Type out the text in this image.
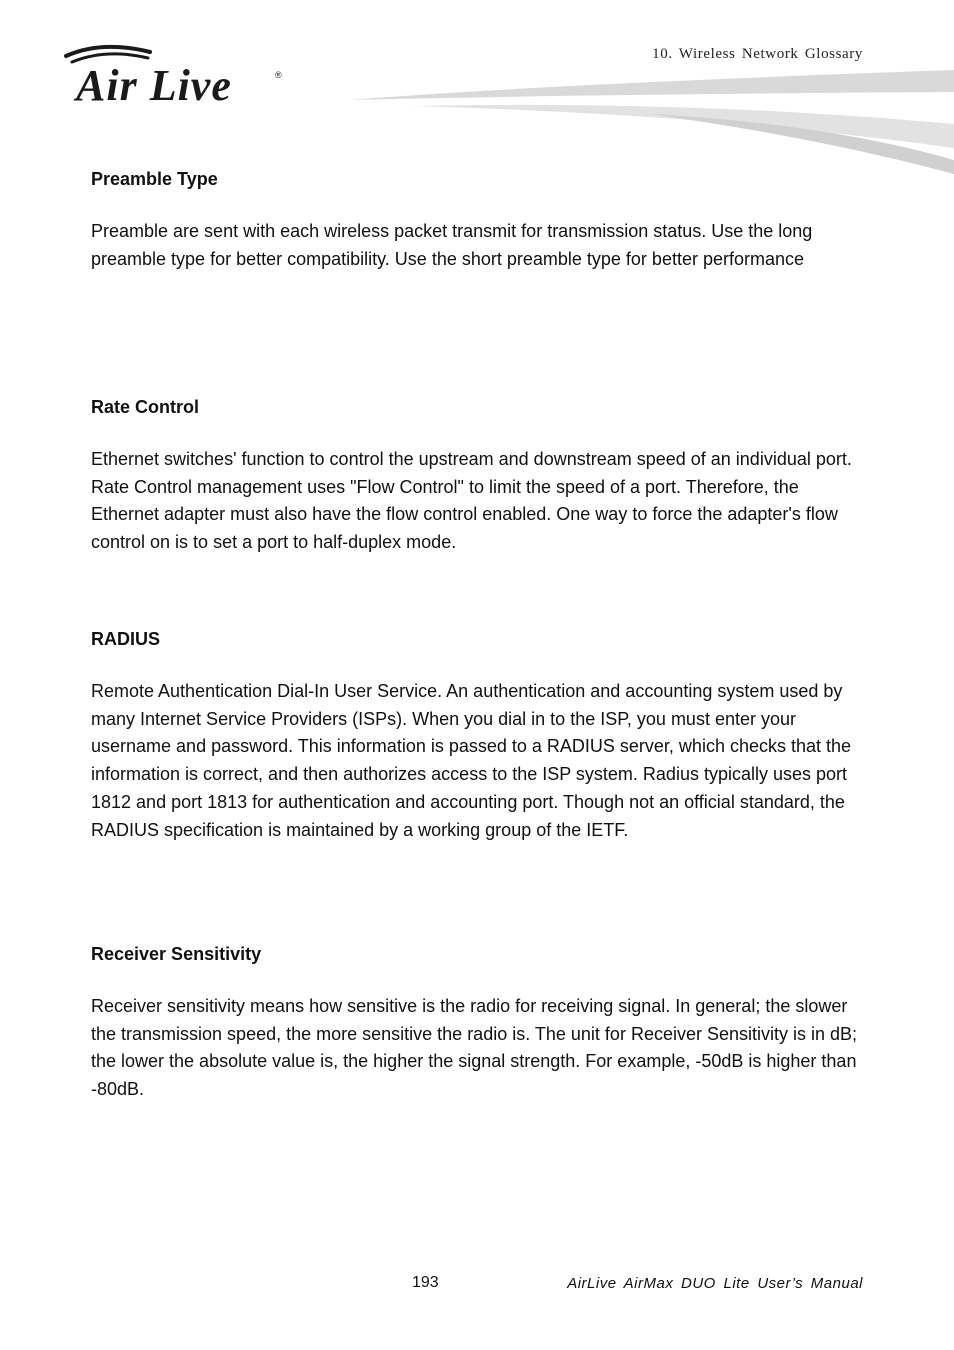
Air Live	®
10. Wireless Network Glossary
Preamble Type

Preamble are sent with each wireless packet transmit for transmission status. Use the long preamble type for better compatibility. Use the short preamble type for better performance

Rate Control

Ethernet switches' function to control the upstream and downstream speed of an individual port. Rate Control management uses "Flow Control" to limit the speed of a port. Therefore, the Ethernet adapter must also have the flow control enabled. One way to force the adapter's flow control on is to set a port to half-duplex mode.

RADIUS

Remote Authentication Dial-In User Service. An authentication and accounting system used by many Internet Service Providers (ISPs). When you dial in to the ISP, you must enter your username and password. This information is passed to a RADIUS server, which checks that the information is correct, and then authorizes access to the ISP system. Radius typically uses port 1812 and port 1813 for authentication and accounting port. Though not an official standard, the RADIUS specification is maintained by a working group of the IETF.

Receiver Sensitivity

Receiver sensitivity means how sensitive is the radio for receiving signal. In general; the slower the transmission speed, the more sensitive the radio is. The unit for Receiver Sensitivity is in dB; the lower the absolute value is, the higher the signal strength. For example, -50dB is higher than -80dB.

193	AirLive AirMax DUO Lite User’s Manual
